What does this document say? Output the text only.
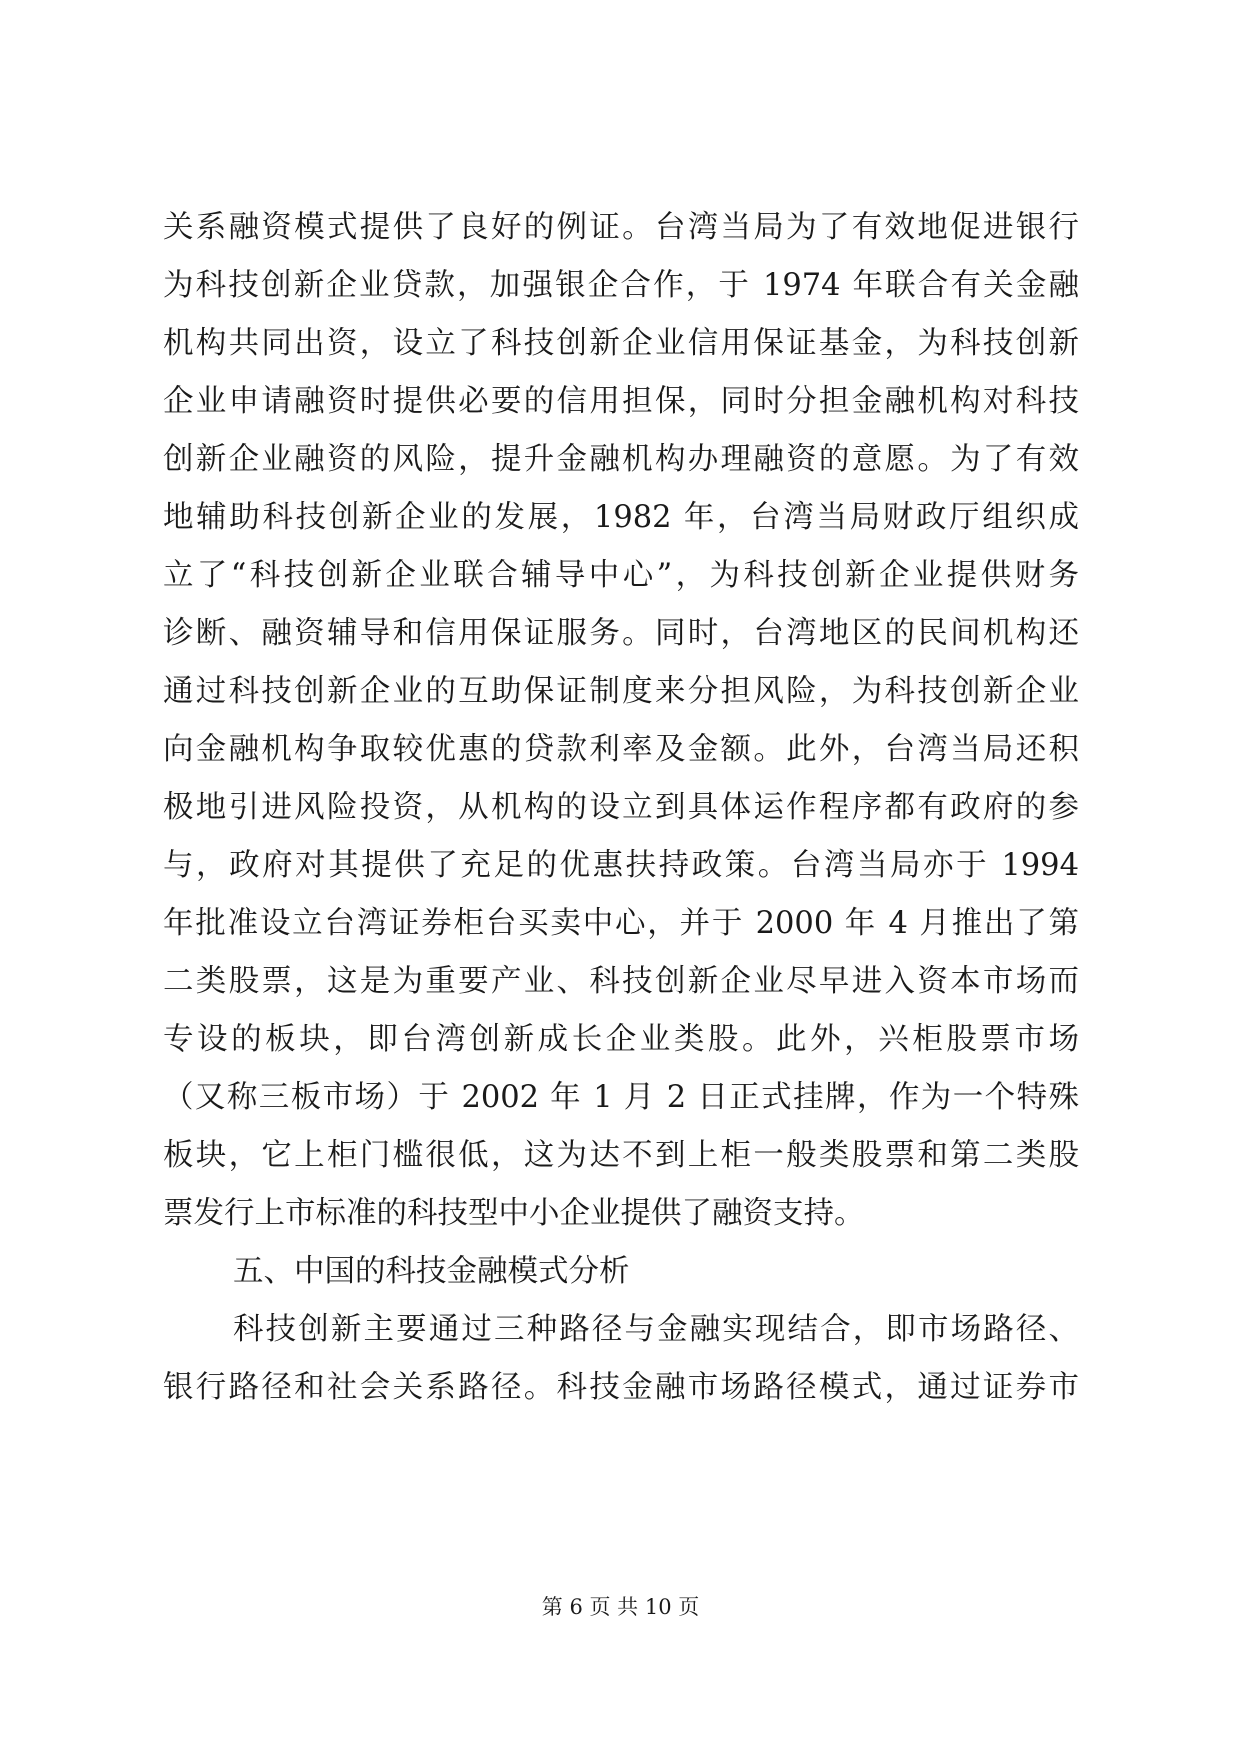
关系融资模式提供了良好的例证。台湾当局为了有效地促进银行
为科技创新企业贷款，加强银企合作，于 1974 年联合有关金融
机构共同出资，设立了科技创新企业信用保证基金，为科技创新
企业申请融资时提供必要的信用担保，同时分担金融机构对科技
创新企业融资的风险，提升金融机构办理融资的意愿。为了有效
地辅助科技创新企业的发展，1982 年，台湾当局财政厅组织成
立了“科技创新企业联合辅导中心”，为科技创新企业提供财务
诊断、融资辅导和信用保证服务。同时，台湾地区的民间机构还
通过科技创新企业的互助保证制度来分担风险，为科技创新企业
向金融机构争取较优惠的贷款利率及金额。此外，台湾当局还积
极地引进风险投资，从机构的设立到具体运作程序都有政府的参
与，政府对其提供了充足的优惠扶持政策。台湾当局亦于 1994
年批准设立台湾证券柜台买卖中心，并于 2000 年 4 月推出了第
二类股票，这是为重要产业、科技创新企业尽早进入资本市场而
专设的板块，即台湾创新成长企业类股。此外，兴柜股票市场
（又称三板市场）于 2002 年 1 月 2 日正式挂牌，作为一个特殊
板块，它上柜门槛很低，这为达不到上柜一般类股票和第二类股
票发行上市标准的科技型中小企业提供了融资支持。
五、中国的科技金融模式分析
科技创新主要通过三种路径与金融实现结合，即市场路径、
银行路径和社会关系路径。科技金融市场路径模式，通过证券市
第 6 页 共 10 页
